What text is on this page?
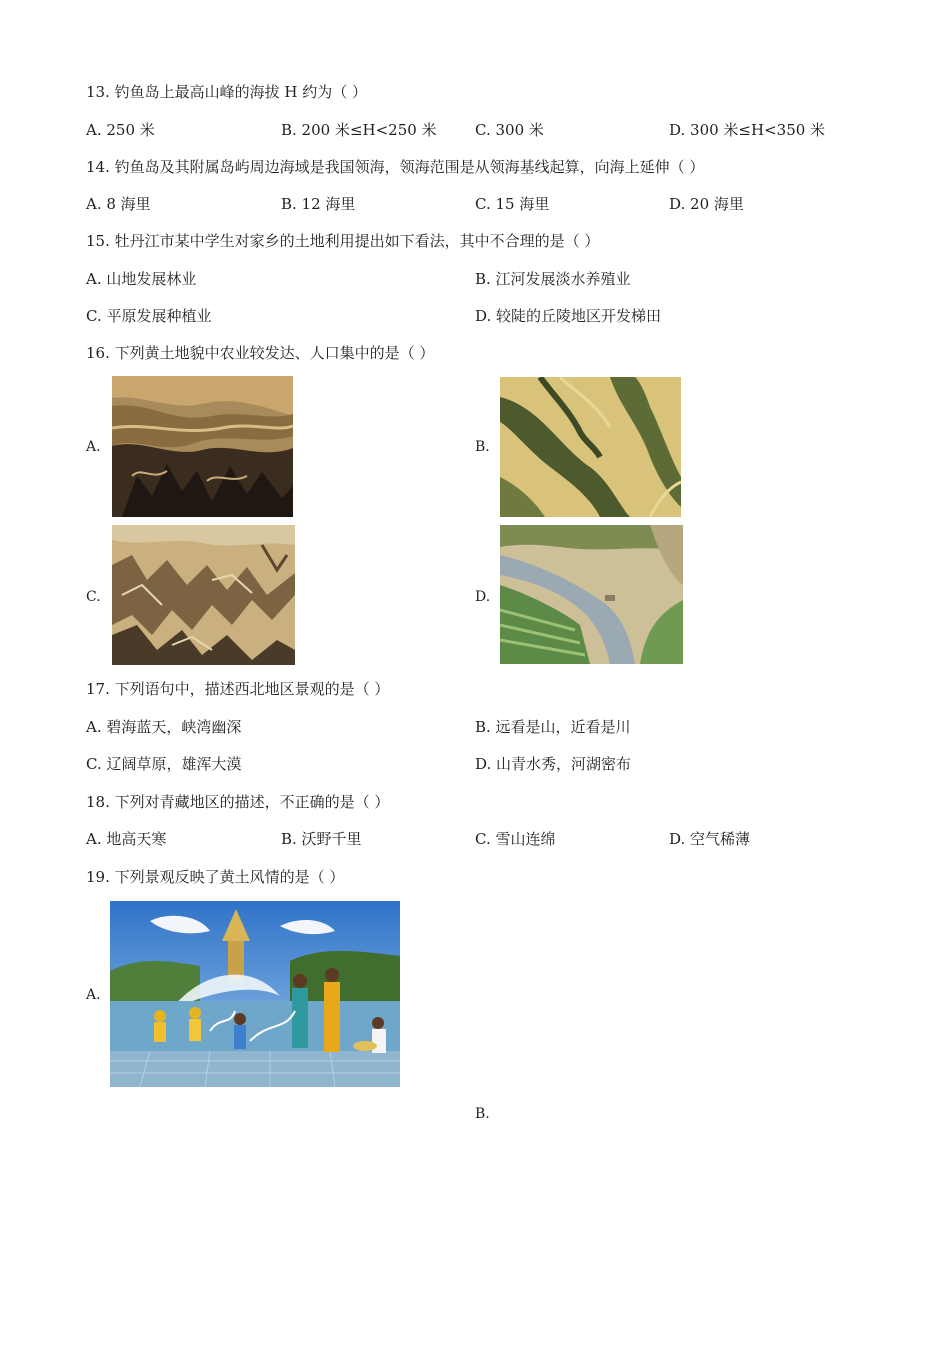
13. 钓鱼岛上最高山峰的海拔 H 约为（ ）
A. 250 米	B. 200 米≤H<250 米	C. 300 米	D. 300 米≤H<350 米
14. 钓鱼岛及其附属岛屿周边海域是我国领海，领海范围是从领海基线起算，向海上延伸（ ）
A. 8 海里	B. 12 海里	C. 15 海里	D. 20 海里
15. 牡丹江市某中学生对家乡的土地利用提出如下看法，其中不合理的是（ ）
A. 山地发展林业	B. 江河发展淡水养殖业
C. 平原发展种植业	D. 较陡的丘陵地区开发梯田
16. 下列黄土地貌中农业较发达、人口集中的是（ ）
A.	B.
C.	D.
17. 下列语句中，描述西北地区景观的是（ ）
A. 碧海蓝天，峡湾幽深	B. 远看是山，近看是川
C. 辽阔草原，雄浑大漠	D. 山青水秀，河湖密布
18. 下列对青藏地区的描述，不正确的是（ ）
A. 地高天寒	B. 沃野千里	C. 雪山连绵	D. 空气稀薄
19. 下列景观反映了黄土风情的是（ ）
A.
B.
